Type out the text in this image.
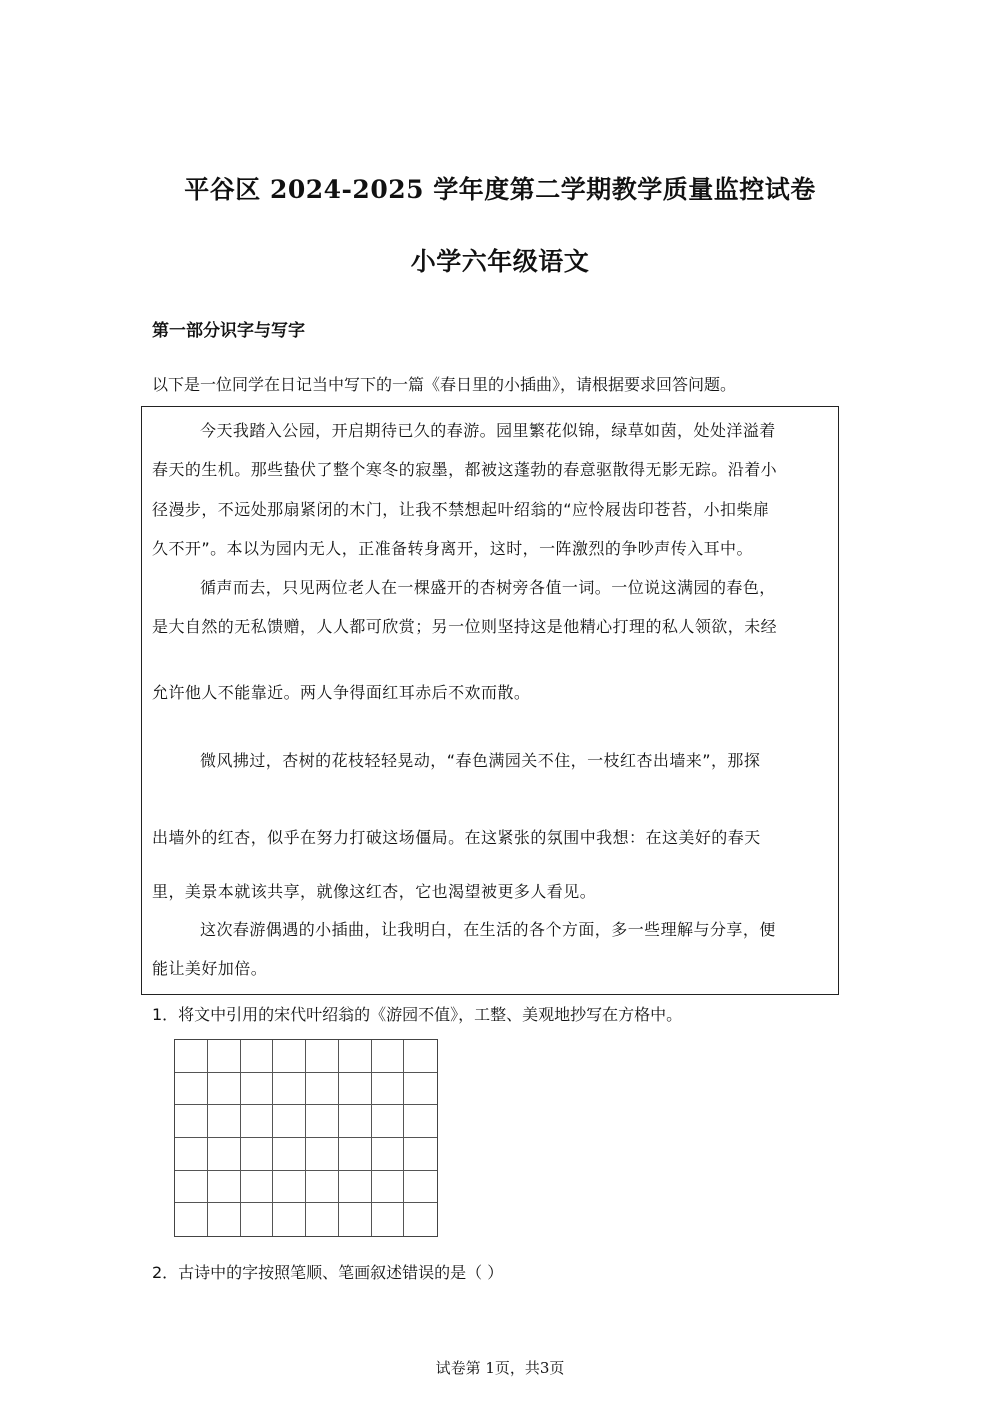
平谷区 2024-2025 学年度第二学期教学质量监控试卷
小学六年级语文
第一部分识字与写字
以下是一位同学在日记当中写下的一篇《春日里的小插曲》，请根据要求回答问题。
今天我踏入公园，开启期待已久的春游。园里繁花似锦，绿草如茵，处处洋溢着
春天的生机。那些蛰伏了整个寒冬的寂墨，都被这蓬勃的春意驱散得无影无踪。沿着小
径漫步，不远处那扇紧闭的木门，让我不禁想起叶绍翁的“应怜屐齿印苍苔，小扣柴扉
久不开”。本以为园内无人，正准备转身离开，这时，一阵激烈的争吵声传入耳中。
循声而去，只见两位老人在一棵盛开的杏树旁各值一词。一位说这满园的春色，
是大自然的无私馈赠，人人都可欣赏；另一位则坚持这是他精心打理的私人领欲，未经
允许他人不能靠近。两人争得面红耳赤后不欢而散。
微风拂过，杏树的花枝轻轻晃动，“春色满园关不住，一枝红杏出墙来”，那探
出墙外的红杏，似乎在努力打破这场僵局。在这紧张的氛围中我想：在这美好的春天
里，美景本就该共享，就像这红杏，它也渴望被更多人看见。
这次春游偶遇的小插曲，让我明白，在生活的各个方面，多一些理解与分享，便
能让美好加倍。
1．将文中引用的宋代叶绍翁的《游园不值》，工整、美观地抄写在方格中。
2．古诗中的字按照笔顺、笔画叙述错误的是（ ）
试卷第 1页，共3页
